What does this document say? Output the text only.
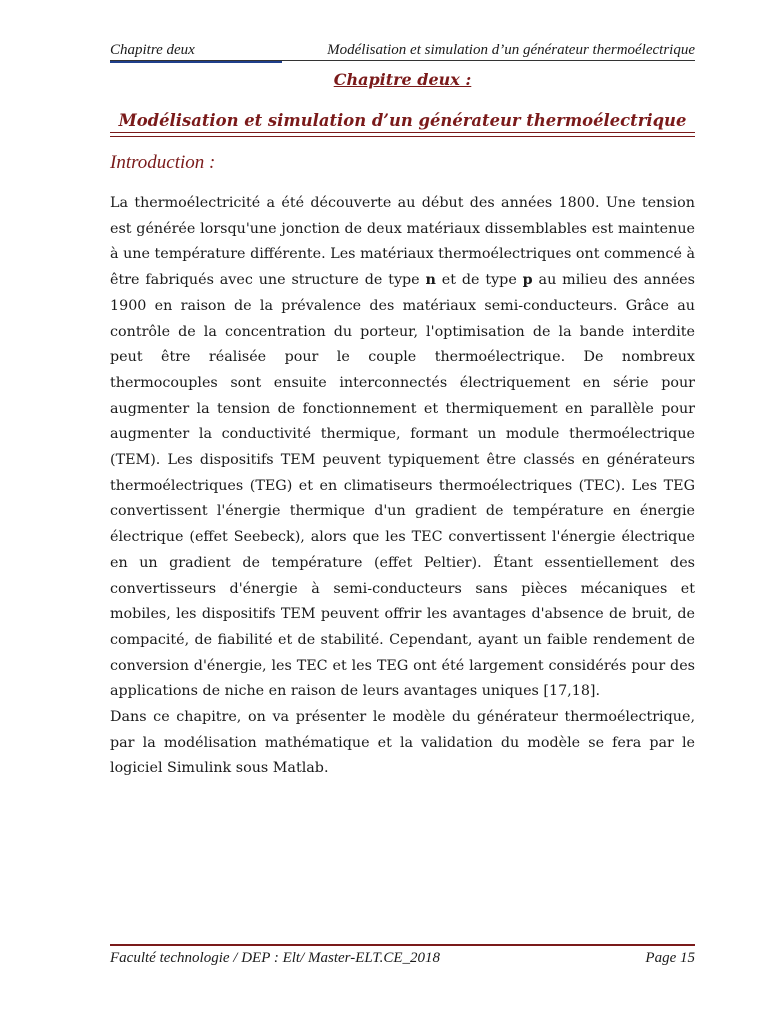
Chapitre deux	Modélisation et simulation d’un générateur thermoélectrique
Chapitre deux :
Modélisation et simulation d’un générateur thermoélectrique
Introduction :

La thermoélectricité a été découverte au début des années 1800. Une tension est générée lorsqu'une jonction de deux matériaux dissemblables est maintenue à une température différente. Les matériaux thermoélectriques ont commencé à être fabriqués avec une structure de type n et de type p au milieu des années 1900 en raison de la prévalence des matériaux semi-conducteurs. Grâce au contrôle de la concentration du porteur, l'optimisation de la bande interdite peut être réalisée pour le couple thermoélectrique. De nombreux thermocouples sont ensuite interconnectés électriquement en série pour augmenter la tension de fonctionnement et thermiquement en parallèle pour augmenter la conductivité thermique, formant un module thermoélectrique (TEM). Les dispositifs TEM peuvent typiquement être classés en générateurs thermoélectriques (TEG) et en climatiseurs thermoélectriques (TEC). Les TEG convertissent l'énergie thermique d'un gradient de température en énergie électrique (effet Seebeck), alors que les TEC convertissent l'énergie électrique en un gradient de température (effet Peltier). Étant essentiellement des convertisseurs d'énergie à semi-conducteurs sans pièces mécaniques et mobiles, les dispositifs TEM peuvent offrir les avantages d'absence de bruit, de compacité, de fiabilité et de stabilité. Cependant, ayant un faible rendement de conversion d'énergie, les TEC et les TEG ont été largement considérés pour des applications de niche en raison de leurs avantages uniques [17,18].

Dans ce chapitre, on va présenter le modèle du générateur thermoélectrique, par la modélisation mathématique et la validation du modèle se fera par le logiciel Simulink sous Matlab.

Faculté technologie / DEP : Elt/ Master-ELT.CE_2018	Page 15
